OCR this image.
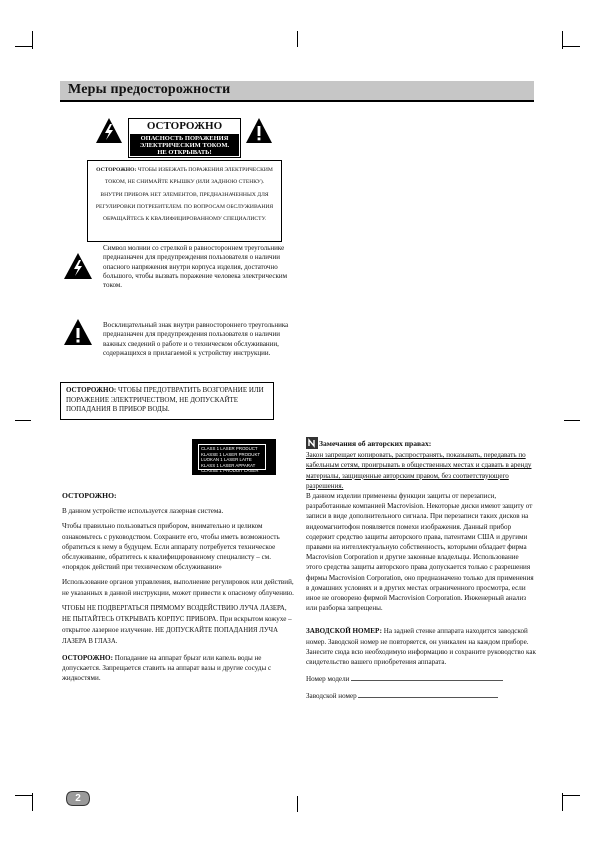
Меры предосторожности
ОСТОРОЖНО
ОПАСНОСТЬ ПОРАЖЕНИЯ
ЭЛЕКТРИЧЕСКИМ ТОКОМ.
НЕ ОТКРЫВАТЬ!

ОСТОРОЖНО: ЧТОБЫ ИЗБЕЖАТЬ ПОРАЖЕНИЯ ЭЛЕКТРИЧЕСКИМ ТОКОМ, НЕ СНИМАЙТЕ КРЫШКУ (ИЛИ ЗАДНЮЮ СТЕНКУ). ВНУТРИ ПРИБОРА НЕТ ЭЛЕМЕНТОВ, ПРЕДНАЗНАЧЕННЫХ ДЛЯ РЕГУЛИРОВКИ ПОТРЕБИТЕЛЕМ. ПО ВОПРОСАМ ОБСЛУЖИВАНИЯ ОБРАЩАЙТЕСЬ К КВАЛИФИЦИРОВАННОМУ СПЕЦИАЛИСТУ.

Символ молнии со стрелкой в равностороннем треугольнике предназначен для предупреждения пользователя о наличии опасного напряжения внутри корпуса изделия, достаточно большого, чтобы вызвать поражение человека электрическим током.
Восклицательный знак внутри равностороннего треугольника предназначен для предупреждения пользователя о наличии важных сведений о работе и о техническом обслуживании, содержащихся в прилагаемой к устройству инструкции.

ОСТОРОЖНО: ЧТОБЫ ПРЕДОТВРАТИТЬ ВОЗГОРАНИЕ ИЛИ ПОРАЖЕНИЕ ЭЛЕКТРИЧЕСТВОМ, НЕ ДОПУСКАЙТЕ ПОПАДАНИЯ В ПРИБОР ВОДЫ.

CLASS 1 LASER PRODUCT
KLASSE 1 LASER PRODUKT
LUOKAN 1 LASER LAITE
KLASS 1 LASER APPARAT
CLASSE 1 PRODUIT LASER

ОСТОРОЖНО:

В данном устройстве используется лазерная система.

Чтобы правильно пользоваться прибором, внимательно и целиком ознакомьтесь с руководством. Сохраните его, чтобы иметь возможность обратиться к нему в будущем. Если аппарату потребуется техническое обслуживание, обратитесь к квалифицированному специалисту – см. «порядок действий при техническом обслуживании»

Использование органов управления, выполнение регулировок или действий, не указанных в данной инструкции, может привести к опасному облучению.

ЧТОБЫ НЕ ПОДВЕРГАТЬСЯ ПРЯМОМУ ВОЗДЕЙСТВИЮ ЛУЧА ЛАЗЕРА, НЕ ПЫТАЙТЕСЬ ОТКРЫВАТЬ КОРПУС ПРИБОРА. При вскрытом кожухе – открытое лазерное излучение. НЕ ДОПУСКАЙТЕ ПОПАДАНИЯ ЛУЧА ЛАЗЕРА В ГЛАЗА.

ОСТОРОЖНО: Попадание на аппарат брызг или капель воды не допускается. Запрещается ставить на аппарат вазы и другие сосуды с жидкостями.

Замечания об авторских правах:

Закон запрещает копировать, распространять, показывать, передавать по кабельным сетям, проигрывать в общественных местах и сдавать в аренду материалы, защищенные авторским правом, без соответствующего разрешения.

В данном изделии применены функции защиты от перезаписи, разработанные компанией Macrovision. Некоторые диски имеют защиту от записи в виде дополнительного сигнала. При перезаписи таких дисков на видеомагнитофон появляется помехи изображения. Данный прибор содержит средство защиты авторского права, патентами США и другими правами на интеллектуальную собственность, которыми обладает фирма Macrovision Corporation и другие законные владельцы. Использование этого средства защиты авторского права допускается только с разрешения фирмы Macrovision Corporation, оно предназначено только для применения в домашних условиях и в других местах ограниченного просмотра, если иное не оговорено фирмой Macrovision Corporation. Инженерный анализ или разборка запрещены.

ЗАВОДСКОЙ НОМЕР: На задней стенке аппарата находится заводской номер. Заводской номер не повторяется, он уникален на каждом приборе. Занесите сюда всю необходимую информацию и сохраните руководство как свидетельство вашего приобретения аппарата.

Номер модели

Заводской номер

2
